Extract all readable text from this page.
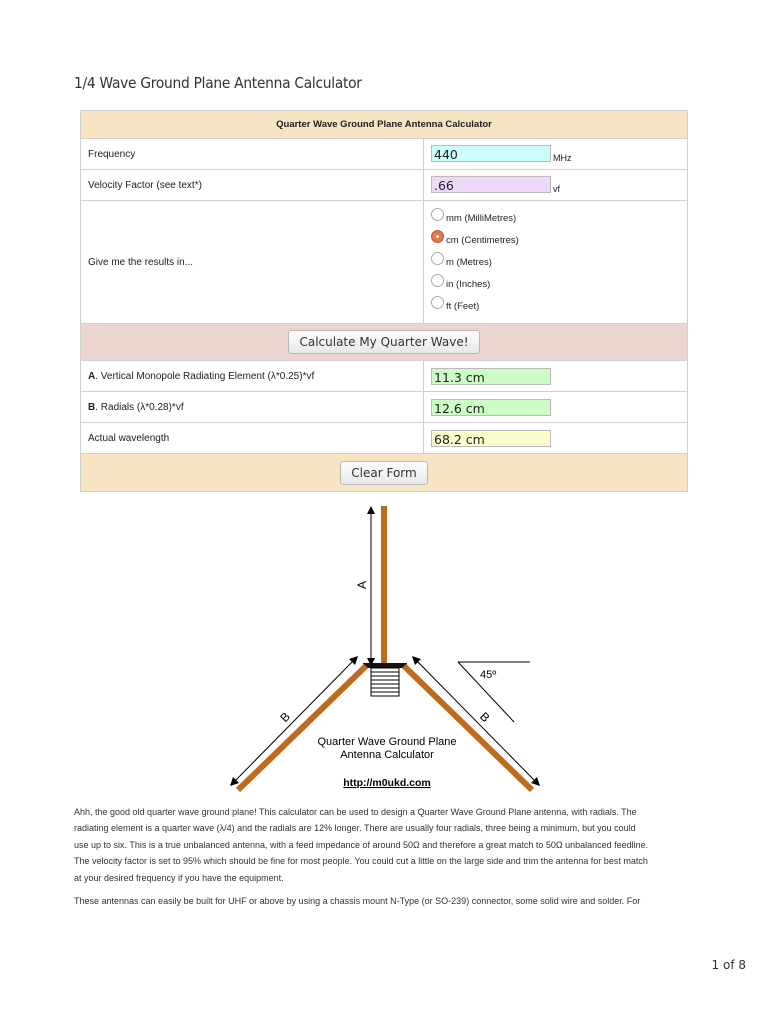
1/4 Wave Ground Plane Antenna Calculator
Quarter Wave Ground Plane Antenna Calculator	
Frequency	440 MHz
Velocity Factor (see text*)	.66 vf
Give me the results in...	mm (MilliMetres)
cm (Centimetres)
m (Metres)
in (Inches)
ft (Feet)

Calculate My Quarter Wave!	
A. Vertical Monopole Radiating Element (λ*0.25)*vf	11.3 cm
B. Radials (λ*0.28)*vf	12.6 cm
Actual wavelength	68.2 cm
Clear Form	
A
B	B
45º
Quarter Wave Ground Plane
Antenna Calculator
http://m0ukd.com
Ahh, the good old quarter wave ground plane! This calculator can be used to design a Quarter Wave Ground Plane antenna, with radials. The
radiating element is a quarter wave (λ/4) and the radials are 12% longer. There are usually four radials, three being a minimum, but you could
use up to six. This is a true unbalanced antenna, with a feed impedance of around 50Ω and therefore a great match to 50Ω unbalanced feedline.
The velocity factor is set to 95% which should be fine for most people. You could cut a little on the large side and trim the antenna for best match
at your desired frequency if you have the equipment.
These antennas can easily be built for UHF or above by using a chassis mount N-Type (or SO-239) connector, some solid wire and solder. For
1 of 8
